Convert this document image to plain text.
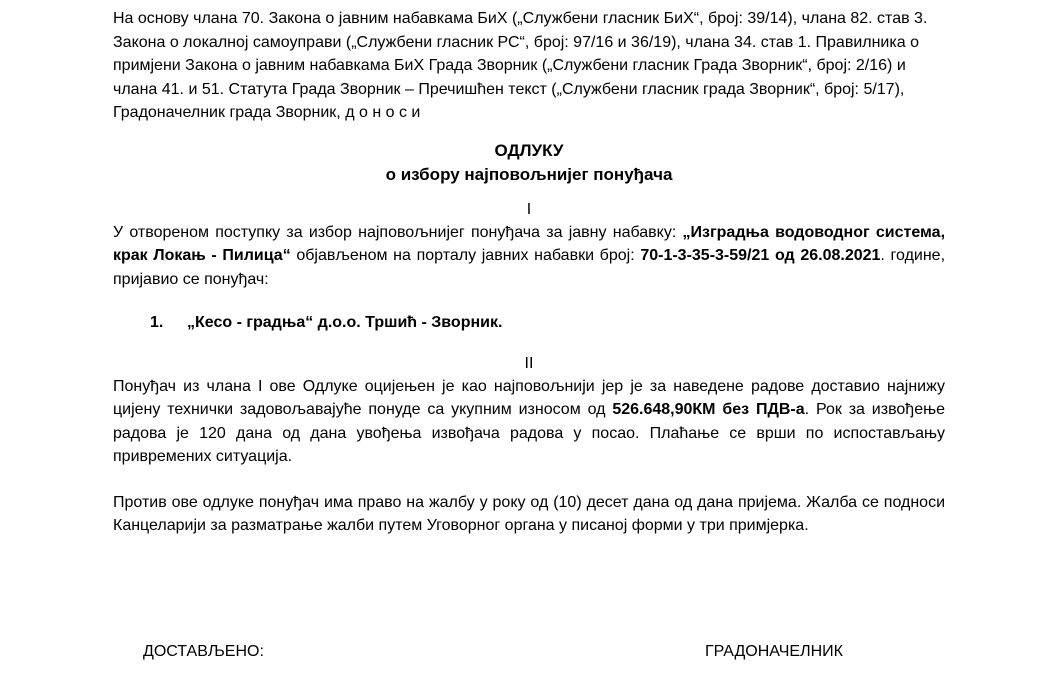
На основу члана 70. Закона о јавним набавкама БиХ („Службени гласник БиХ“, број: 39/14), члана 82. став 3. Закона о локалној самоуправи („Службени гласник РС“, број: 97/16 и 36/19), члана 34. став 1. Правилника о примјени Закона о јавним набавкама БиХ Града Зворник („Службени гласник Града Зворник“, број: 2/16) и члана 41. и 51. Статута Града Зворник – Пречишћен текст („Службени гласник града Зворник“, број: 5/17), Градоначелник града Зворник, д о н о с и

ОДЛУКУ
о избору најповољнијег понуђача
I

У отвореном поступку за избор најповољнијег понуђача за јавну набавку: „Изградња водоводног система, крак Локањ - Пилица“ објављеном на порталу јавних набавки број: 70-1-3-35-3-59/21 од 26.08.2021. године, пријавио се понуђач:

1. „Кесо - градња“ д.о.о. Тршић - Зворник.
II

Понуђач из члана I ове Одлуке оцијењен је као најповољнији јер је за наведене радове доставио најнижу цијену технички задовољавајуће понуде са укупним износом од 526.648,90КМ без ПДВ-а. Рок за извођење радова је 120 дана од дана увођења извођача радова у посао. Плаћање се врши по испостављању привремених ситуација.

Против ове одлуке понуђач има право на жалбу у року од (10) десет дана од дана пријема. Жалба се подноси Канцеларији за разматрање жалби путем Уговорног органа у писаној форми у три примјерка.

ДОСТАВЉЕНО:	ГРАДОНАЧЕЛНИК
